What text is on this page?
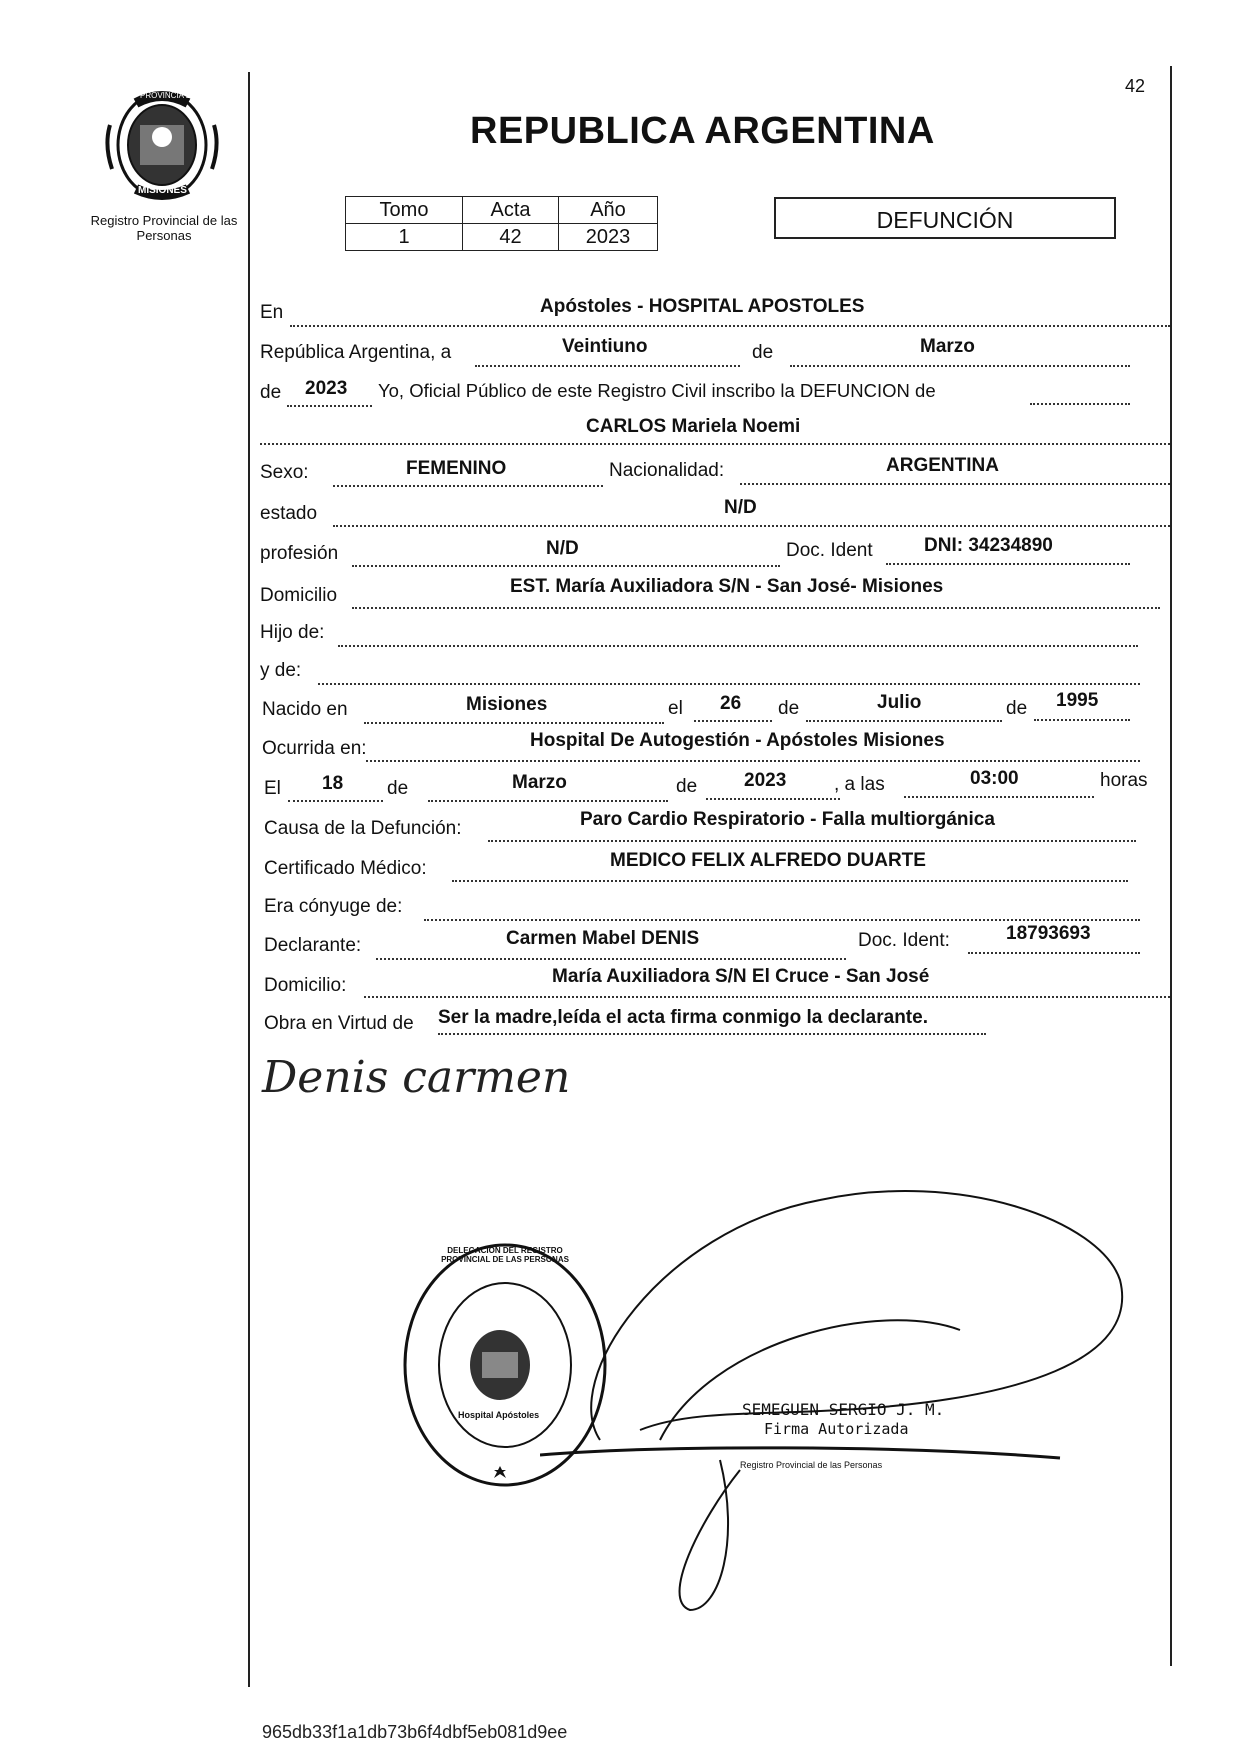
42
PROVINCIA DE
MISIONES
Registro Provincial de las Personas
REPUBLICA ARGENTINA
Tomo	Acta	Año
1	42	2023
DEFUNCIÓN
En	Apóstoles - HOSPITAL APOSTOLES
República Argentina, a	Veintiuno	de	Marzo
de 2023 Yo, Oficial Público de este Registro Civil inscribo la DEFUNCION de
CARLOS Mariela Noemi
Sexo:	FEMENINO	Nacionalidad:	ARGENTINA
estado	N/D
profesión	N/D	Doc. Ident	DNI: 34234890
Domicilio	EST. María Auxiliadora S/N - San José- Misiones
Hijo de:
y de:
Nacido en	Misiones	el 26 de	Julio	de 1995
Ocurrida en:	Hospital De Autogestión - Apóstoles Misiones
El 18 de	Marzo	de 2023	, a las	03:00	horas
Causa de la Defunción:	Paro Cardio Respiratorio - Falla multiorgánica
Certificado Médico:	MEDICO FELIX ALFREDO DUARTE
Era cónyuge de:
Declarante:	Carmen Mabel DENIS	Doc. Ident:	18793693
Domicilio:	María Auxiliadora S/N El Cruce - San José
Obra en Virtud de Ser la madre,leída el acta firma conmigo la declarante.
Denis carmen
DELEGACION DEL REGISTRO PROVINCIAL DE LAS PERSONAS
Hospital Apóstoles	SEMEGUEN SERGIO J. M.
Firma Autorizada
Registro Provincial de las Personas
965db33f1a1db73b6f4dbf5eb081d9ee
